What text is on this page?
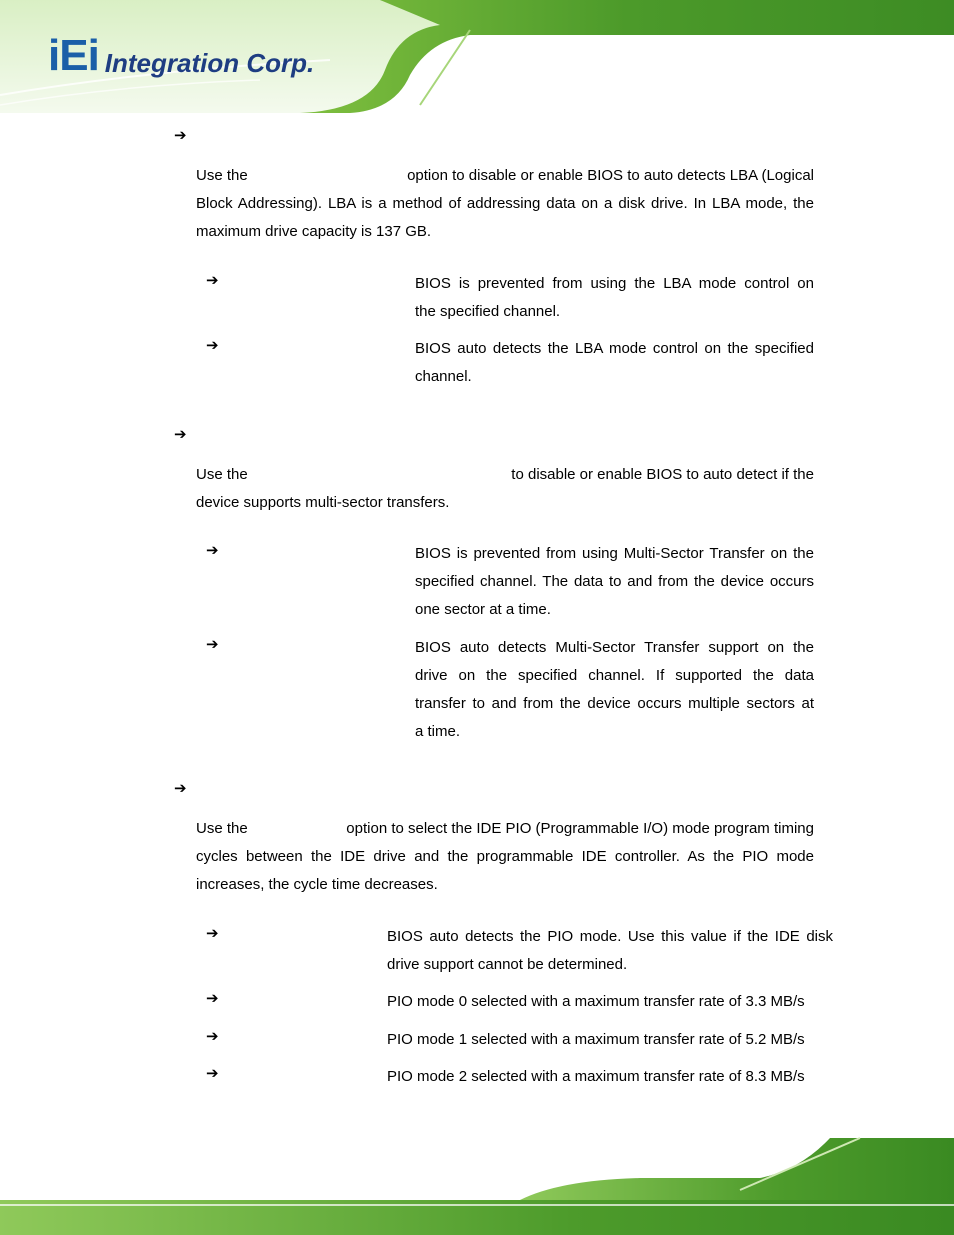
iEi Integration Corp.
➔
Use the	option to disable or enable BIOS to auto detects LBA (Logical
Block Addressing). LBA is a method of addressing data on a disk drive. In LBA mode, the
maximum drive capacity is 137 GB.
➔	BIOS is prevented from using the LBA mode control on
the specified channel.
➔	BIOS auto detects the LBA mode control on the specified
channel.
➔
Use the	to disable or enable BIOS to auto detect if the
device supports multi-sector transfers.
➔	BIOS is prevented from using Multi-Sector Transfer on the
specified channel. The data to and from the device occurs
one sector at a time.
➔	BIOS auto detects Multi-Sector Transfer support on the
drive on the specified channel. If supported the data
transfer to and from the device occurs multiple sectors at
a time.
➔
Use the	option to select the IDE PIO (Programmable I/O) mode program timing
cycles between the IDE drive and the programmable IDE controller. As the PIO mode
increases, the cycle time decreases.
➔	BIOS auto detects the PIO mode. Use this value if the IDE disk
drive support cannot be determined.
➔	PIO mode 0 selected with a maximum transfer rate of 3.3 MB/s
➔	PIO mode 1 selected with a maximum transfer rate of 5.2 MB/s
➔	PIO mode 2 selected with a maximum transfer rate of 8.3 MB/s
